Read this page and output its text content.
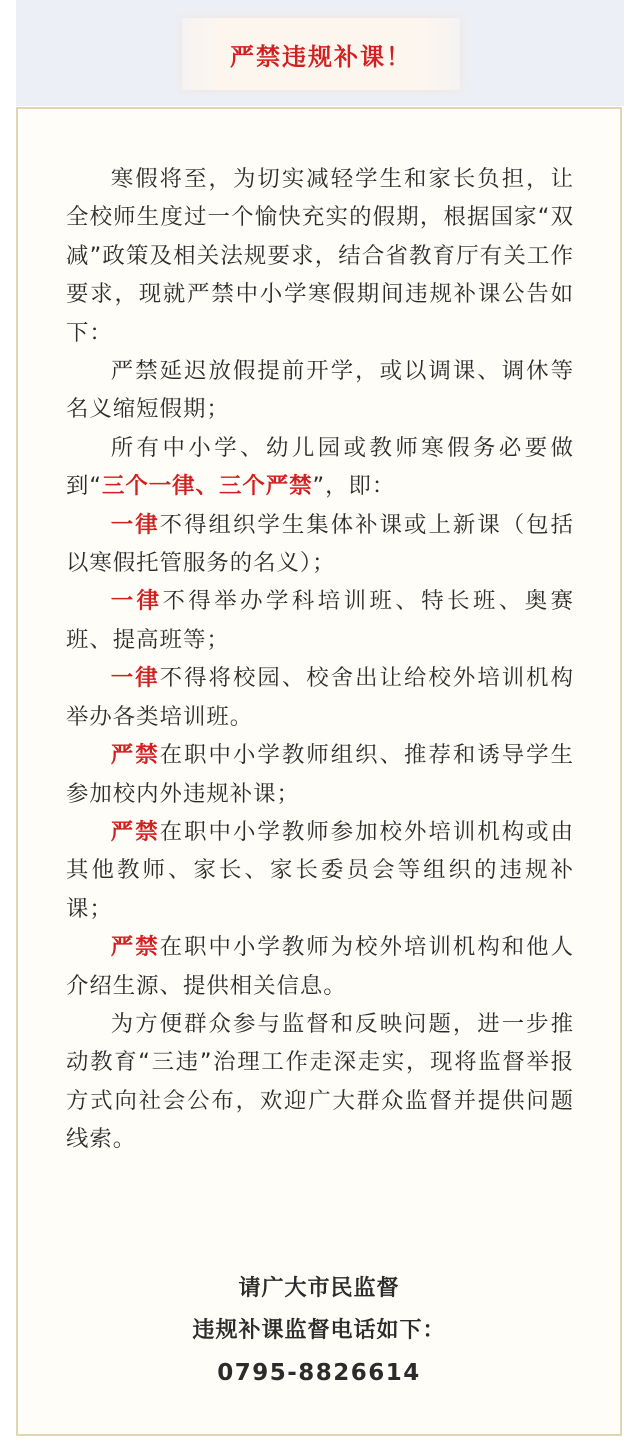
严禁违规补课！

寒假将至，为切实减轻学生和家长负担，让全校师生度过一个愉快充实的假期，根据国家“双减”政策及相关法规要求，结合省教育厅有关工作要求，现就严禁中小学寒假期间违规补课公告如下：

严禁延迟放假提前开学，或以调课、调休等名义缩短假期；

所有中小学、幼儿园或教师寒假务必要做到“三个一律、三个严禁”，即：

一律不得组织学生集体补课或上新课（包括以寒假托管服务的名义）；

一律不得举办学科培训班、特长班、奥赛班、提高班等；

一律不得将校园、校舍出让给校外培训机构举办各类培训班。

严禁在职中小学教师组织、推荐和诱导学生参加校内外违规补课；

严禁在职中小学教师参加校外培训机构或由其他教师、家长、家长委员会等组织的违规补课；

严禁在职中小学教师为校外培训机构和他人介绍生源、提供相关信息。

为方便群众参与监督和反映问题，进一步推动教育“三违”治理工作走深走实，现将监督举报方式向社会公布，欢迎广大群众监督并提供问题线索。

请广大市民监督
违规补课监督电话如下：
0795-8826614
